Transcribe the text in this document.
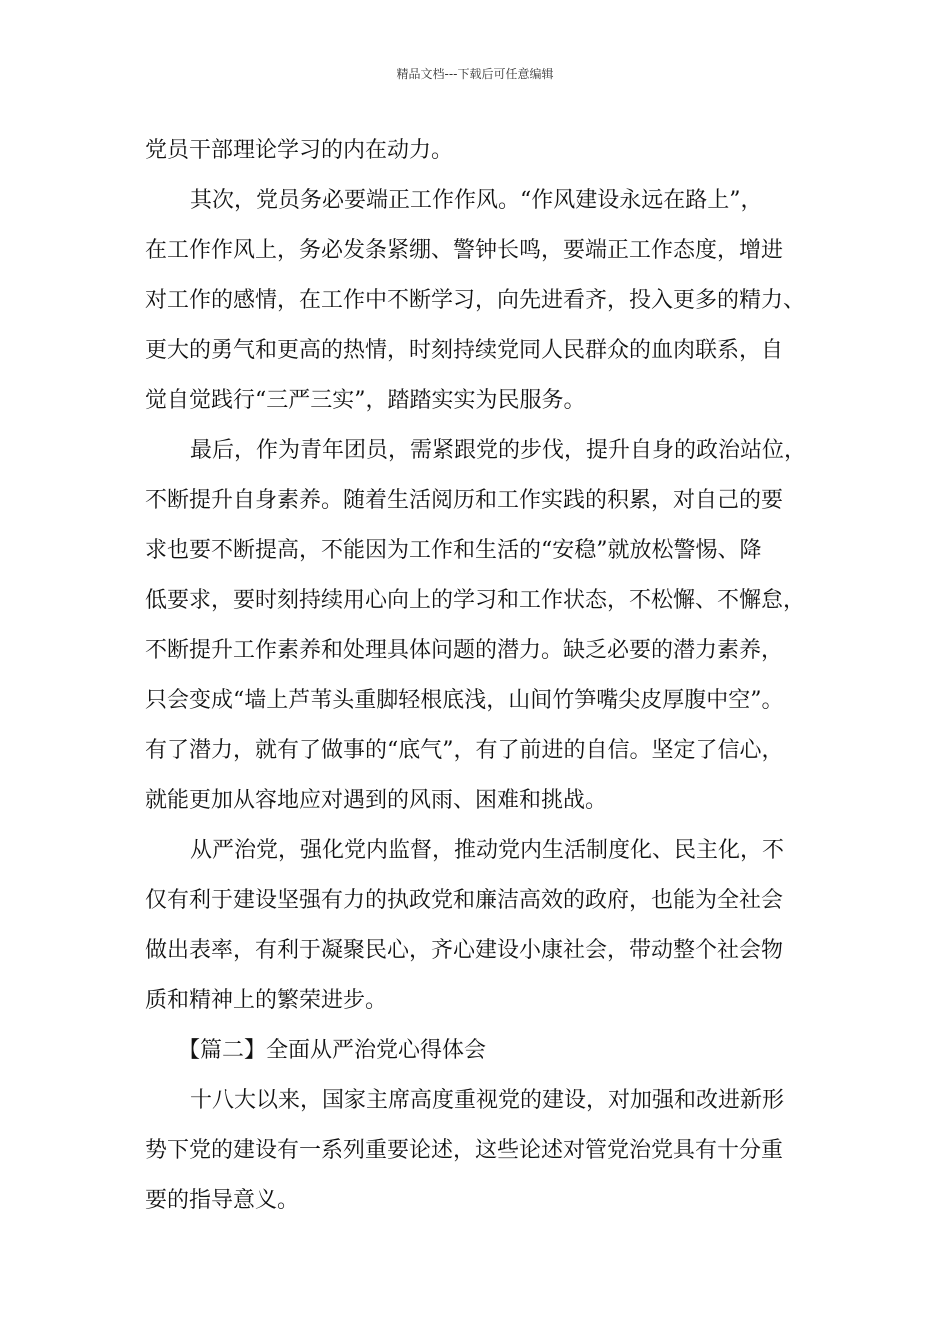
精品文档---下载后可任意编辑
党员干部理论学习的内在动力。
其次，党员务必要端正工作作风。“作风建设永远在路上”，
在工作作风上，务必发条紧绷、警钟长鸣，要端正工作态度，增进
对工作的感情，在工作中不断学习，向先进看齐，投入更多的精力、
更大的勇气和更高的热情，时刻持续党同人民群众的血肉联系，自
觉自觉践行“三严三实”，踏踏实实为民服务。
最后，作为青年团员，需紧跟党的步伐，提升自身的政治站位，
不断提升自身素养。随着生活阅历和工作实践的积累，对自己的要
求也要不断提高，不能因为工作和生活的“安稳”就放松警惕、降
低要求，要时刻持续用心向上的学习和工作状态，不松懈、不懈怠，
不断提升工作素养和处理具体问题的潜力。缺乏必要的潜力素养，
只会变成“墙上芦苇头重脚轻根底浅，山间竹笋嘴尖皮厚腹中空”。
有了潜力，就有了做事的“底气”，有了前进的自信。坚定了信心，
就能更加从容地应对遇到的风雨、困难和挑战。
从严治党，强化党内监督，推动党内生活制度化、民主化，不
仅有利于建设坚强有力的执政党和廉洁高效的政府，也能为全社会
做出表率，有利于凝聚民心，齐心建设小康社会，带动整个社会物
质和精神上的繁荣进步。
【篇二】全面从严治党心得体会
十八大以来，国家主席高度重视党的建设，对加强和改进新形
势下党的建设有一系列重要论述，这些论述对管党治党具有十分重
要的指导意义。
